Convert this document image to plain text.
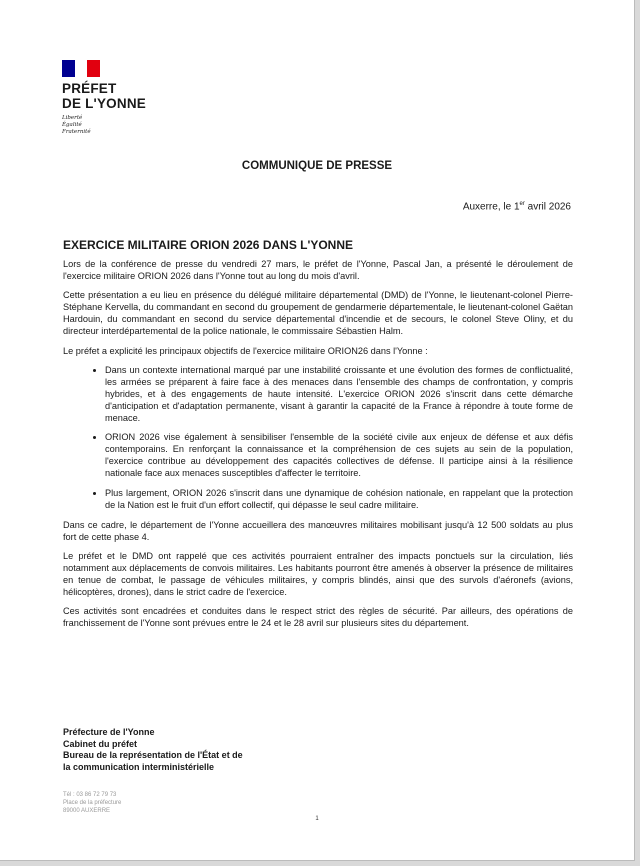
PRÉFET
DE L'YONNE
Liberté
Égalité
Fraternité
COMMUNIQUE DE PRESSE
Auxerre, le 1er avril 2026
EXERCICE MILITAIRE ORION 2026 DANS L'YONNE

Lors de la conférence de presse du vendredi 27 mars, le préfet de l'Yonne, Pascal Jan, a présenté le déroulement de l'exercice militaire ORION 2026 dans l'Yonne tout au long du mois d'avril.

Cette présentation a eu lieu en présence du délégué militaire départemental (DMD) de l'Yonne, le lieutenant-colonel Pierre-Stéphane Kervella, du commandant en second du groupement de gendarmerie départementale, le lieutenant-colonel Gaëtan Hardouin, du commandant en second du service départemental d'incendie et de secours, le colonel Steve Oliny, et du directeur interdépartemental de la police nationale, le commissaire Sébastien Halm.

Le préfet a explicité les principaux objectifs de l'exercice militaire ORION26 dans l'Yonne :

• Dans un contexte international marqué par une instabilité croissante et une évolution des formes de conflictualité, les armées se préparent à faire face à des menaces dans l'ensemble des champs de confrontation, y compris hybrides, et à des engagements de haute intensité. L'exercice ORION 2026 s'inscrit dans cette démarche d'anticipation et d'adaptation permanente, visant à garantir la capacité de la France à répondre à toute forme de menace.
• ORION 2026 vise également à sensibiliser l'ensemble de la société civile aux enjeux de défense et aux défis contemporains. En renforçant la connaissance et la compréhension de ces sujets au sein de la population, l'exercice contribue au développement des capacités collectives de défense. Il participe ainsi à la résilience nationale face aux menaces susceptibles d'affecter le territoire.
• Plus largement, ORION 2026 s'inscrit dans une dynamique de cohésion nationale, en rappelant que la protection de la Nation est le fruit d'un effort collectif, qui dépasse le seul cadre militaire.

Dans ce cadre, le département de l'Yonne accueillera des manœuvres militaires mobilisant jusqu'à 12 500 soldats au plus fort de cette phase 4.

Le préfet et le DMD ont rappelé que ces activités pourraient entraîner des impacts ponctuels sur la circulation, liés notamment aux déplacements de convois militaires. Les habitants pourront être amenés à observer la présence de militaires en tenue de combat, le passage de véhicules militaires, y compris blindés, ainsi que des survols d'aéronefs (avions, hélicoptères, drones), dans le strict cadre de l'exercice.

Ces activités sont encadrées et conduites dans le respect strict des règles de sécurité. Par ailleurs, des opérations de franchissement de l'Yonne sont prévues entre le 24 et le 28 avril sur plusieurs sites du département.

Préfecture de l'Yonne
Cabinet du préfet
Bureau de la représentation de l'État et de
la communication interministérielle
Tél : 03 86 72 79 73
Place de la préfecture
89000 AUXERRE
1
